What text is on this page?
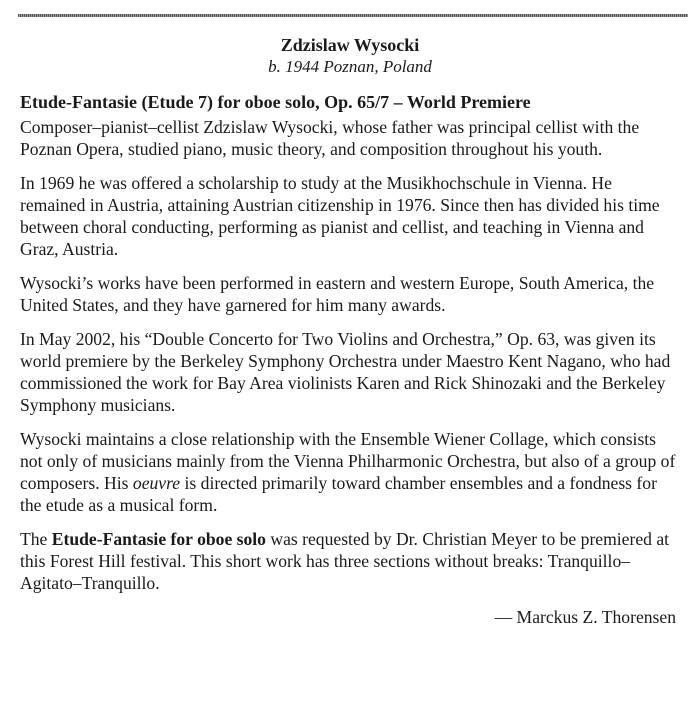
Zdzislaw Wysocki
b. 1944 Poznan, Poland
Etude-Fantasie (Etude 7) for oboe solo, Op. 65/7 – World Premiere

Composer–pianist–cellist Zdzislaw Wysocki, whose father was principal cellist with the Poznan Opera, studied piano, music theory, and composition throughout his youth.

In 1969 he was offered a scholarship to study at the Musikhochschule in Vienna. He remained in Austria, attaining Austrian citizenship in 1976. Since then has divided his time between choral conducting, performing as pianist and cellist, and teaching in Vienna and Graz, Austria.

Wysocki’s works have been performed in eastern and western Europe, South America, the United States, and they have garnered for him many awards.

In May 2002, his “Double Concerto for Two Violins and Orchestra,” Op. 63, was given its world premiere by the Berkeley Symphony Orchestra under Maestro Kent Nagano, who had commissioned the work for Bay Area violinists Karen and Rick Shinozaki and the Berkeley Symphony musicians.

Wysocki maintains a close relationship with the Ensemble Wiener Collage, which consists not only of musicians mainly from the Vienna Philharmonic Orchestra, but also of a group of composers. His oeuvre is directed primarily toward chamber ensembles and a fondness for the etude as a musical form.

The Etude-Fantasie for oboe solo was requested by Dr. Christian Meyer to be premiered at this Forest Hill festival. This short work has three sections without breaks: Tranquillo–Agitato–Tranquillo.

— Marckus Z. Thorensen
